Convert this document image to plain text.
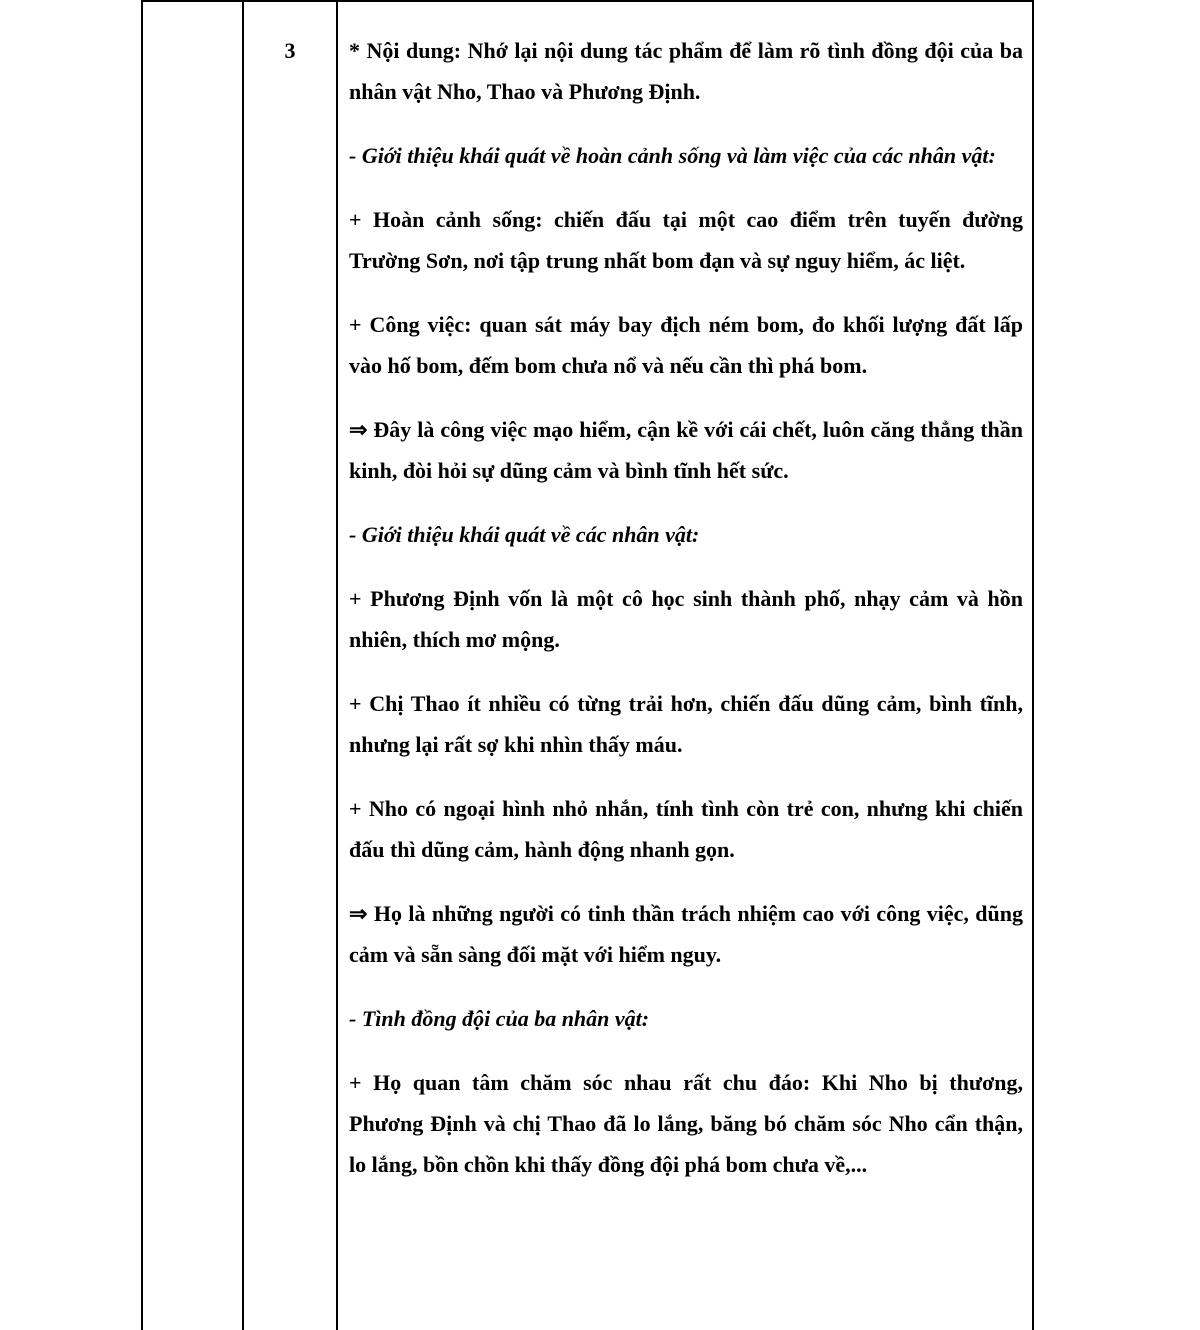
3	* Nội dung: Nhớ lại nội dung tác phẩm để làm rõ tình đồng đội của ba nhân vật Nho, Thao và Phương Định.

- Giới thiệu khái quát về hoàn cảnh sống và làm việc của các nhân vật:

+ Hoàn cảnh sống: chiến đấu tại một cao điểm trên tuyến đường Trường Sơn, nơi tập trung nhất bom đạn và sự nguy hiểm, ác liệt.

+ Công việc: quan sát máy bay địch ném bom, đo khối lượng đất lấp vào hố bom, đếm bom chưa nổ và nếu cần thì phá bom.

⇒ Đây là công việc mạo hiểm, cận kề với cái chết, luôn căng thẳng thần kinh, đòi hỏi sự dũng cảm và bình tĩnh hết sức.

- Giới thiệu khái quát về các nhân vật:

+ Phương Định vốn là một cô học sinh thành phố, nhạy cảm và hồn nhiên, thích mơ mộng.

+ Chị Thao ít nhiều có từng trải hơn, chiến đấu dũng cảm, bình tĩnh, nhưng lại rất sợ khi nhìn thấy máu.

+ Nho có ngoại hình nhỏ nhắn, tính tình còn trẻ con, nhưng khi chiến đấu thì dũng cảm, hành động nhanh gọn.

⇒ Họ là những người có tinh thần trách nhiệm cao với công việc, dũng cảm và sẵn sàng đối mặt với hiểm nguy.

- Tình đồng đội của ba nhân vật:

+ Họ quan tâm chăm sóc nhau rất chu đáo: Khi Nho bị thương, Phương Định và chị Thao đã lo lắng, băng bó chăm sóc Nho cẩn thận, lo lắng, bồn chồn khi thấy đồng đội phá bom chưa về,...
